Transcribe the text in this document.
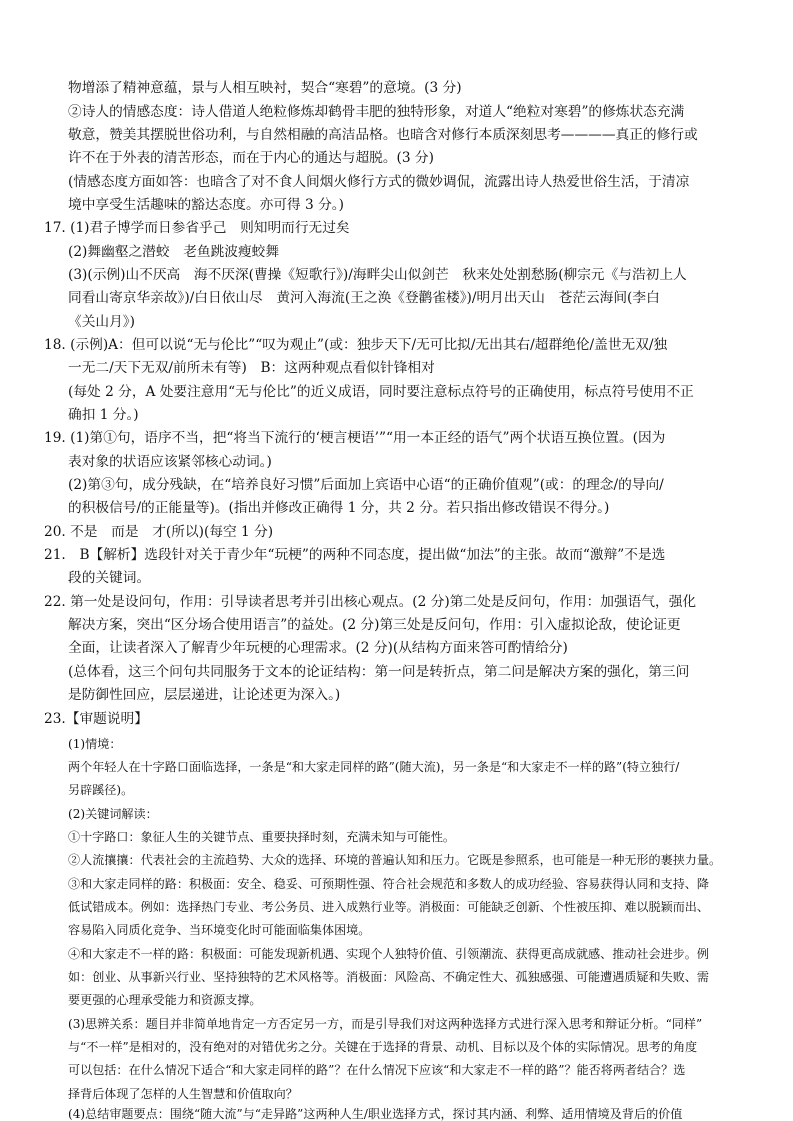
物增添了精神意蕴，景与人相互映衬，契合“寒碧”的意境。(3 分)
②诗人的情感态度：诗人借道人绝粒修炼却鹤骨丰肥的独特形象，对道人“绝粒对寒碧”的修炼状态充满
敬意，赞美其摆脱世俗功利，与自然相融的高洁品格。也暗含对修行本质深刻思考————真正的修行或
许不在于外表的清苦形态，而在于内心的通达与超脱。(3 分)
(情感态度方面如答：也暗含了对不食人间烟火修行方式的微妙调侃，流露出诗人热爱世俗生活，于清凉
境中享受生活趣味的豁达态度。亦可得 3 分。)
17. (1)君子博学而日参省乎己　则知明而行无过矣
(2)舞幽壑之潜蛟　老鱼跳波瘦蛟舞
(3)(示例)山不厌高　海不厌深(曹操《短歌行》)/海畔尖山似剑芒　秋来处处割愁肠(柳宗元《与浩初上人
同看山寄京华亲故》)/白日依山尽　黄河入海流(王之涣《登鹳雀楼》)/明月出天山　苍茫云海间(李白
《关山月》)
18. (示例)A：但可以说“无与伦比”“叹为观止”(或：独步天下/无可比拟/无出其右/超群绝伦/盖世无双/独
一无二/天下无双/前所未有等)　B：这两种观点看似针锋相对
(每处 2 分，A 处要注意用“无与伦比”的近义成语，同时要注意标点符号的正确使用，标点符号使用不正
确扣 1 分。)
19. (1)第①句，语序不当，把“将当下流行的‘梗言梗语’”“用一本正经的语气”两个状语互换位置。(因为
表对象的状语应该紧邻核心动词。)
(2)第③句，成分残缺，在“培养良好习惯”后面加上宾语中心语“的正确价值观”(或：的理念/的导向/
的积极信号/的正能量等)。(指出并修改正确得 1 分，共 2 分。若只指出修改错误不得分。)
20. 不是　而是　才(所以)(每空 1 分)
21.　B【解析】选段针对关于青少年“玩梗”的两种不同态度，提出做“加法”的主张。故而“激辩”不是选
段的关键词。
22. 第一处是设问句，作用：引导读者思考并引出核心观点。(2 分)第二处是反问句，作用：加强语气，强化
解决方案，突出“区分场合使用语言”的益处。(2 分)第三处是反问句，作用：引入虚拟论敌，使论证更
全面，让读者深入了解青少年玩梗的心理需求。(2 分)(从结构方面来答可酌情给分)
(总体看，这三个问句共同服务于文本的论证结构：第一问是转折点，第二问是解决方案的强化，第三问
是防御性回应，层层递进，让论述更为深入。)
23.【审题说明】
(1)情境：
两个年轻人在十字路口面临选择，一条是“和大家走同样的路”(随大流)，另一条是“和大家走不一样的路”(特立独行/
另辟蹊径)。
(2)关键词解读：
①十字路口：象征人生的关键节点、重要抉择时刻，充满未知与可能性。
②人流攘攘：代表社会的主流趋势、大众的选择、环境的普遍认知和压力。它既是参照系，也可能是一种无形的裹挟力量。
③和大家走同样的路：积极面：安全、稳妥、可预期性强、符合社会规范和多数人的成功经验、容易获得认同和支持、降
低试错成本。例如：选择热门专业、考公务员、进入成熟行业等。消极面：可能缺乏创新、个性被压抑、难以脱颖而出、
容易陷入同质化竞争、当环境变化时可能面临集体困境。
④和大家走不一样的路：积极面：可能发现新机遇、实现个人独特价值、引领潮流、获得更高成就感、推动社会进步。例
如：创业、从事新兴行业、坚持独特的艺术风格等。消极面：风险高、不确定性大、孤独感强、可能遭遇质疑和失败、需
要更强的心理承受能力和资源支撑。
(3)思辨关系：题目并非简单地肯定一方否定另一方，而是引导我们对这两种选择方式进行深入思考和辩证分析。“同样”
与“不一样”是相对的，没有绝对的对错优劣之分。关键在于选择的背景、动机、目标以及个体的实际情况。思考的角度
可以包括：在什么情况下适合“和大家走同样的路”？在什么情况下应该“和大家走不一样的路”？能否将两者结合？选
择背后体现了怎样的人生智慧和价值取向？
(4)总结审题要点：围绕“随大流”与“走异路”这两种人生/职业选择方式，探讨其内涵、利弊、适用情境及背后的价值
